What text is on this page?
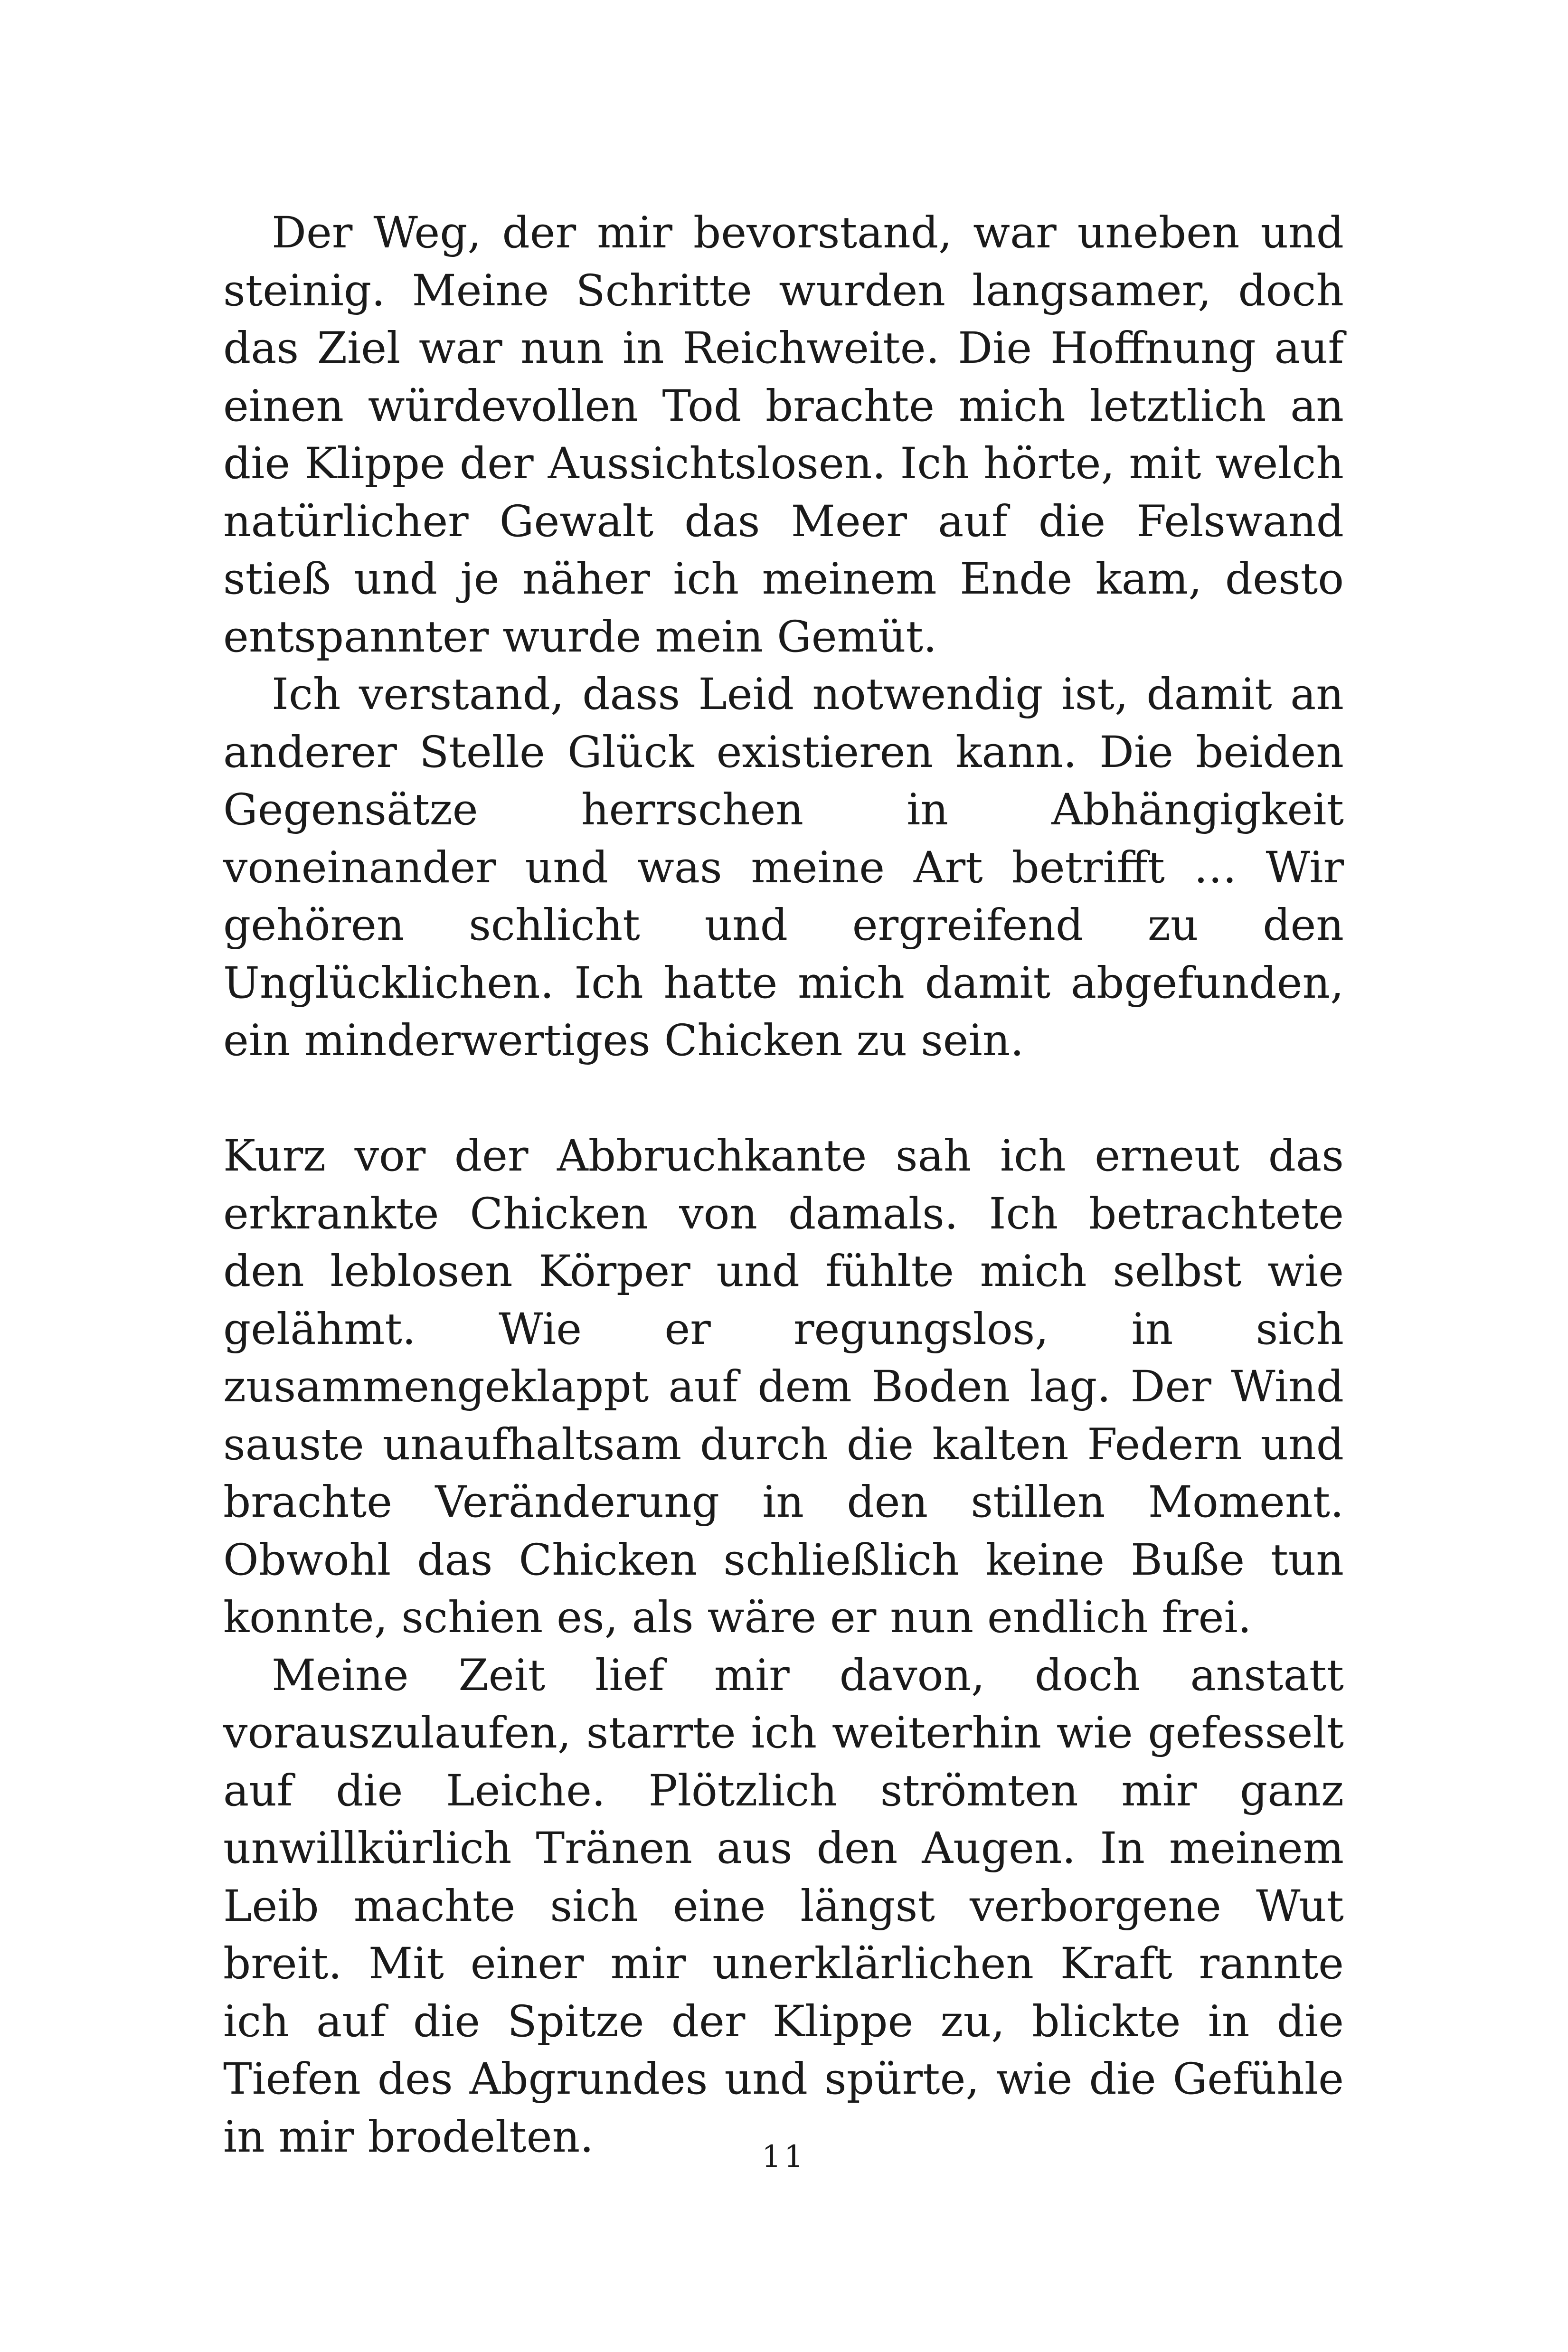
Der Weg, der mir bevorstand, war uneben und steinig. Meine Schritte wurden langsamer, doch das Ziel war nun in Reichweite. Die Hoffnung auf einen würdevollen Tod brachte mich letztlich an die Klippe der Aussichtslosen. Ich hörte, mit welch natürlicher Gewalt das Meer auf die Felswand stieß und je näher ich meinem Ende kam, desto entspannter wurde mein Gemüt.

Ich verstand, dass Leid notwendig ist, damit an anderer Stelle Glück existieren kann. Die beiden Gegensätze herrschen in Abhängigkeit voneinander und was meine Art betrifft … Wir gehören schlicht und ergreifend zu den Unglücklichen. Ich hatte mich damit abgefunden, ein minderwertiges Chicken zu sein.

Kurz vor der Abbruchkante sah ich erneut das erkrankte Chicken von damals. Ich betrachtete den leblosen Körper und fühlte mich selbst wie gelähmt. Wie er regungslos, in sich zusammengeklappt auf dem Boden lag. Der Wind sauste unaufhaltsam durch die kalten Federn und brachte Veränderung in den stillen Moment. Obwohl das Chicken schließlich keine Buße tun konnte, schien es, als wäre er nun endlich frei.

Meine Zeit lief mir davon, doch anstatt vorauszulaufen, starrte ich weiterhin wie gefesselt auf die Leiche. Plötzlich strömten mir ganz unwillkürlich Tränen aus den Augen. In meinem Leib machte sich eine längst verborgene Wut breit. Mit einer mir unerklärlichen Kraft rannte ich auf die Spitze der Klippe zu, blickte in die Tiefen des Abgrundes und spürte, wie die Gefühle in mir brodelten.	11
